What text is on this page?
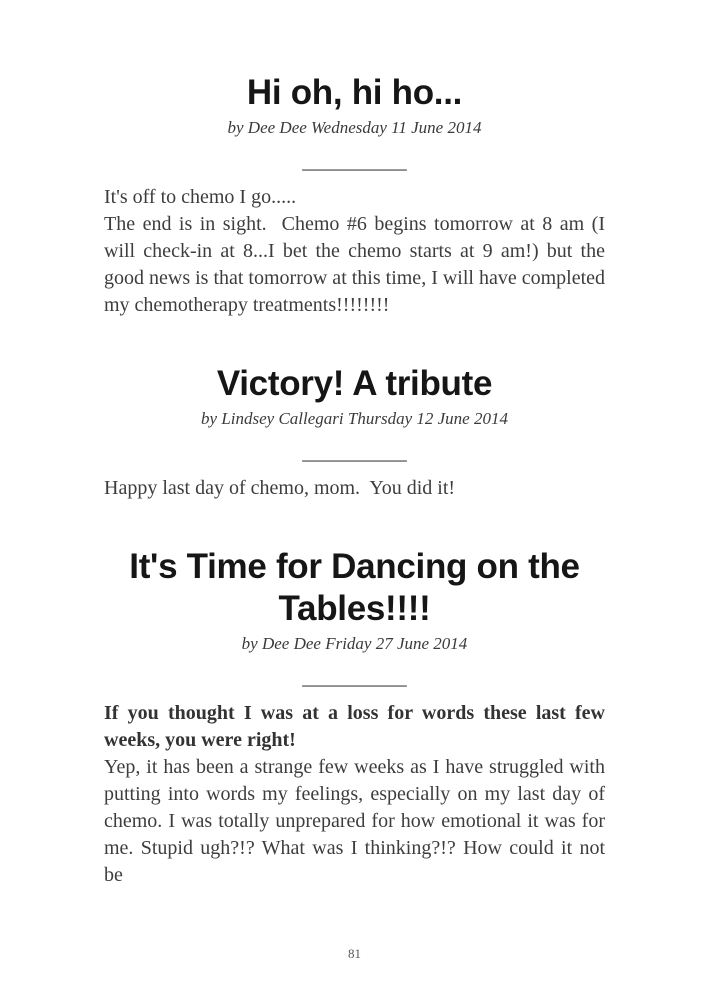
Hi oh, hi ho...
by Dee Dee Wednesday 11 June 2014
___________

It's off to chemo I go.....

The end is in sight.  Chemo #6 begins tomorrow at 8 am (I will check-in at 8...I bet the chemo starts at 9 am!) but the good news is that tomorrow at this time, I will have completed my chemotherapy treatments!!!!!!!!

Victory! A tribute
by Lindsey Callegari Thursday 12 June 2014
___________

Happy last day of chemo, mom.  You did it!

It's Time for Dancing on the Tables!!!!
by Dee Dee Friday 27 June 2014
___________

If you thought I was at a loss for words these last few weeks, you were right!

Yep, it has been a strange few weeks as I have struggled with putting into words my feelings, especially on my last day of chemo. I was totally unprepared for how emotional it was for me. Stupid ugh?!? What was I thinking?!? How could it not be

81
